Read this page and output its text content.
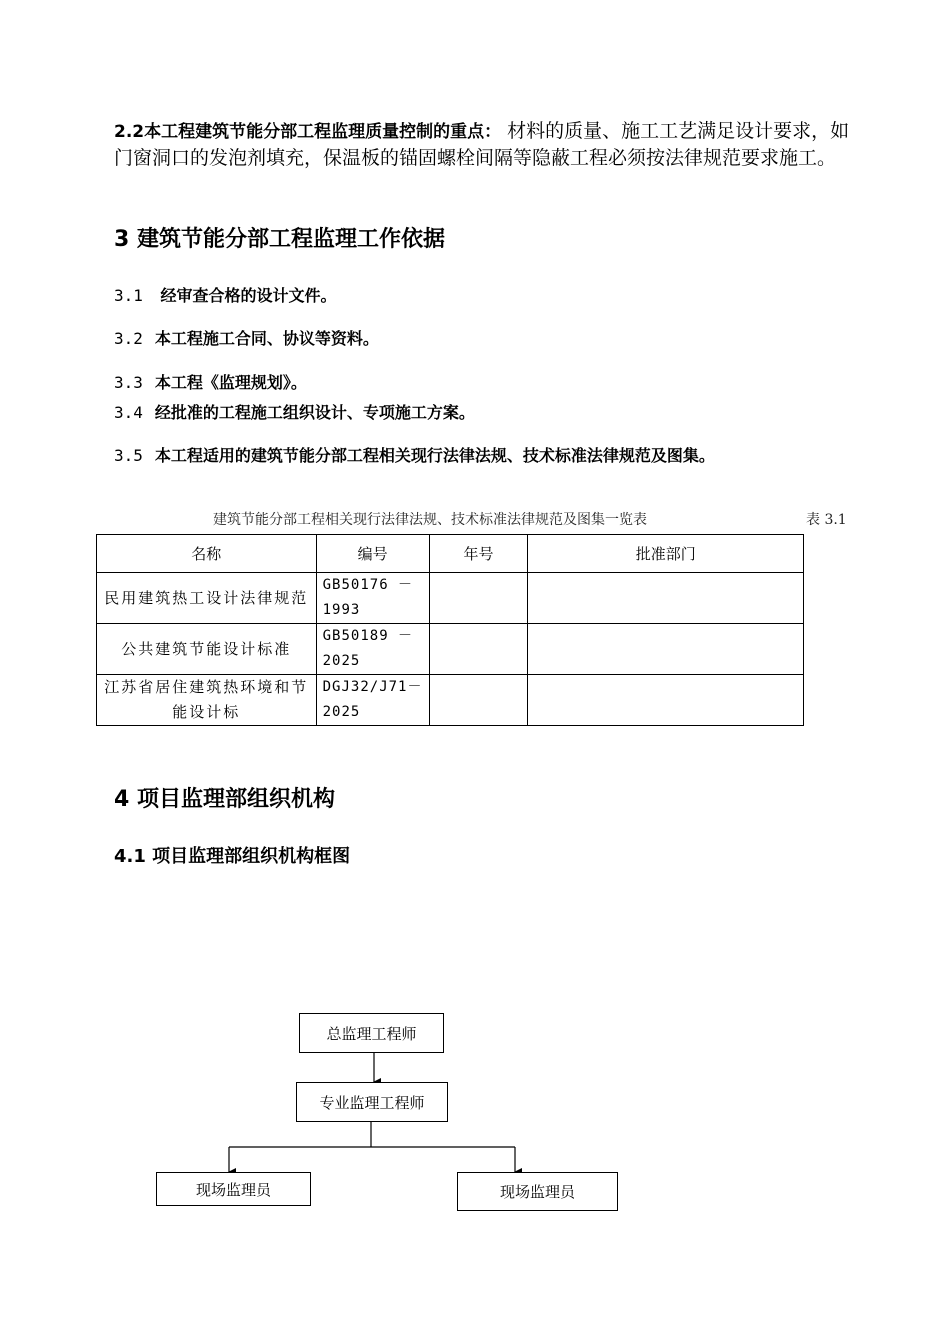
2.2本工程建筑节能分部工程监理质量控制的重点： 材料的质量、施工工艺满足设计要求，如门窗洞口的发泡剂填充，保温板的锚固螺栓间隔等隐蔽工程必须按法律规范要求施工。
3 建筑节能分部工程监理工作依据
3.1 经审查合格的设计文件。
3.2 本工程施工合同、协议等资料。
3.3 本工程《监理规划》。
3.4 经批准的工程施工组织设计、专项施工方案。
3.5 本工程适用的建筑节能分部工程相关现行法律法规、技术标准法律规范及图集。
建筑节能分部工程相关现行法律法规、技术标准法律规范及图集一览表	表 3.1
名称	编号	年号	批准部门
民用建筑热工设计法律规范	GB50176 －1993		
公共建筑节能设计标准	GB50189 －2025		
江苏省居住建筑热环境和节能设计标	DGJ32/J71－2025		
4 项目监理部组织机构
4.1 项目监理部组织机构框图
总监理工程师
专业监理工程师
现场监理员	现场监理员
